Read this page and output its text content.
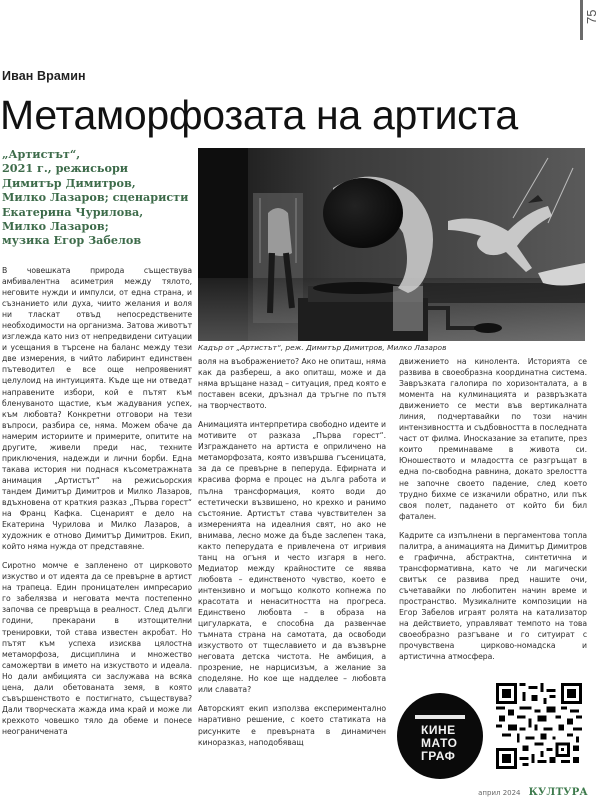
75
Иван Врамин
Метаморфозата на артиста
„Артистът“,
2021 г., режисьори
Димитър Димитров,
Милко Лазаров; сценаристи
Екатерина Чурилова,
Милко Лазаров;
музика Егор Забелов
Кадър от „Артистът“, реж. Димитър Димитров, Милко Лазаров

В човешката природа съществува амбивалентна асиметрия между тялото, неговите нужди и импулси, от една страна, и съзнанието или духа, чиито желания и воля ни тласкат отвъд непосредствените необходимости на организма. Затова животът изглежда като низ от непредвидени ситуации и усещания в търсене на баланс между тези две измерения, в чийто лабиринт единствен пътеводител е все още непроявеният целулоид на интуицията. Къде ще ни отведат направените избори, кой е пътят към бленуваното щастие, към жадувания успех, към любовта? Конкретни отговори на тези въпроси, разбира се, няма. Можем обаче да намерим историите и примерите, опитите на другите, живели преди нас, техните приключения, надежди и лични борби. Една такава история ни поднася късометражната анимация „Артистът“ на режисьорския тандем Димитър Димитров и Милко Лазаров, вдъхновена от краткия разказ „Първа горест“ на Франц Кафка. Сценарият е дело на Екатерина Чурилова и Милко Лазаров, а художник е отново Димитър Димитров. Екип, който няма нужда от представяне.

Сиротно момче е запленено от цирковото изкуство и от идеята да се превърне в артист на трапеца. Един проницателен импресарио го забелязва и неговата мечта постепенно започва се превръща в реалност. След дълги години, прекарани в изтощителни тренировки, той става известен акробат. Но пътят към успеха изисква цялостна метаморфоза, дисциплина и множество саможертви в името на изкуството и идеала. Но дали амбицията си заслужава на всяка цена, дали обетованата земя, в която съвършенството е постигнато, съществува? Дали творческата жажда има край и може ли крехкото човешко тяло да обеме и понесе неограничената

воля на въображението? Ако не опиташ, няма как да разбереш, а ако опиташ, може и да няма връщане назад – ситуация, пред която е поставен всеки, дръзнал да тръгне по пътя на творчеството.

Анимацията интерпретира свободно идеите и мотивите от разказа „Първа горест“. Изграждането на артиста е оприличено на метаморфозата, която извършва гъсеницата, за да се превърне в пеперуда. Ефирната и красива форма е процес на дълга работа и пълна трансформация, която води до естетически възвишено, но крехко и ранимо състояние. Артистът става чувствителен за измеренията на идеалния свят, но ако не внимава, лесно може да бъде заслепен така, както пеперудата е привлечена от игривия танц на огъня и често изгаря в него. Медиатор между крайностите се явява любовта – единственото чувство, което е интензивно и могъщо колкото копнежа по красотата и ненаситността на прогреса. Единствено любовта – в образа на цигуларката, е способна да развенчае тъмната страна на самотата, да освободи изкуството от тщеславието и да възвърне неговата детска чистота. Не амбиция, а прозрение, не нарцисизъм, а желание за споделяне. Но кое ще надделее – любовта или славата?

Авторският екип използва експериментално наративно решение, с което статиката на рисунките е превърната в динамичен кинoразказ, наподобяващ

движението на кинолента. Историята се развива в своеобразна координатна система. Завръзката галопира по хоризонталата, а в момента на кулминацията и развръзката движението се мести във вертикалната линия, подчертавайки по този начин интензивността и съдбовността в последната част от филма. Иносказание за етапите, през които преминаваме в живота си. Юношеството и младостта се разгръщат в една по-свободна равнина, докато зрелостта не започне своето падение, след което трудно бихме се изкачили обратно, или пък своя полет, падането от който би бил фатален.

Кадрите са изпълнени в пергаментова топла палитра, а анимацията на Димитър Димитров е графична, абстрактна, синтетична и трансформативна, като че ли магически свитък се развива пред нашите очи, съчетавайки по любопитен начин време и пространство. Музикалните композиции на Егор Забелов играят ролята на катализатор на действието, управляват темпото на това своеобразно разгъване и го ситуират с прочувствена цирково-номадска и артистична атмосфера.

КИНЕ
МАТО
ГРАФ
април 2024 КУЛТУРА
